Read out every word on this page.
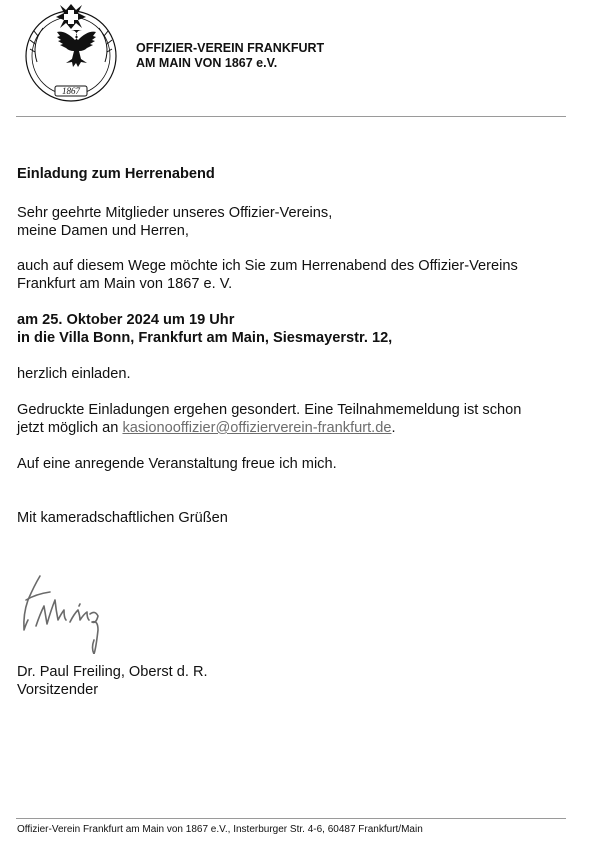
1867
OFFIZIER-VEREIN FRANKFURT
AM MAIN VON 1867 e.V.
Einladung zum Herrenabend
Sehr geehrte Mitglieder unseres Offizier-Vereins,
meine Damen und Herren,
auch auf diesem Wege möchte ich Sie zum Herrenabend des Offizier-Vereins
Frankfurt am Main von 1867 e. V.
am 25. Oktober 2024 um 19 Uhr
in die Villa Bonn, Frankfurt am Main, Siesmayerstr. 12,
herzlich einladen.
Gedruckte Einladungen ergehen gesondert. Eine Teilnahmemeldung ist schon
jetzt möglich an kasionooffizier@offizierverein-frankfurt.de.
Auf eine anregende Veranstaltung freue ich mich.
Mit kameradschaftlichen Grüßen
Dr. Paul Freiling, Oberst d. R.
Vorsitzender
Offizier-Verein Frankfurt am Main von 1867 e.V., Insterburger Str. 4-6, 60487 Frankfurt/Main
